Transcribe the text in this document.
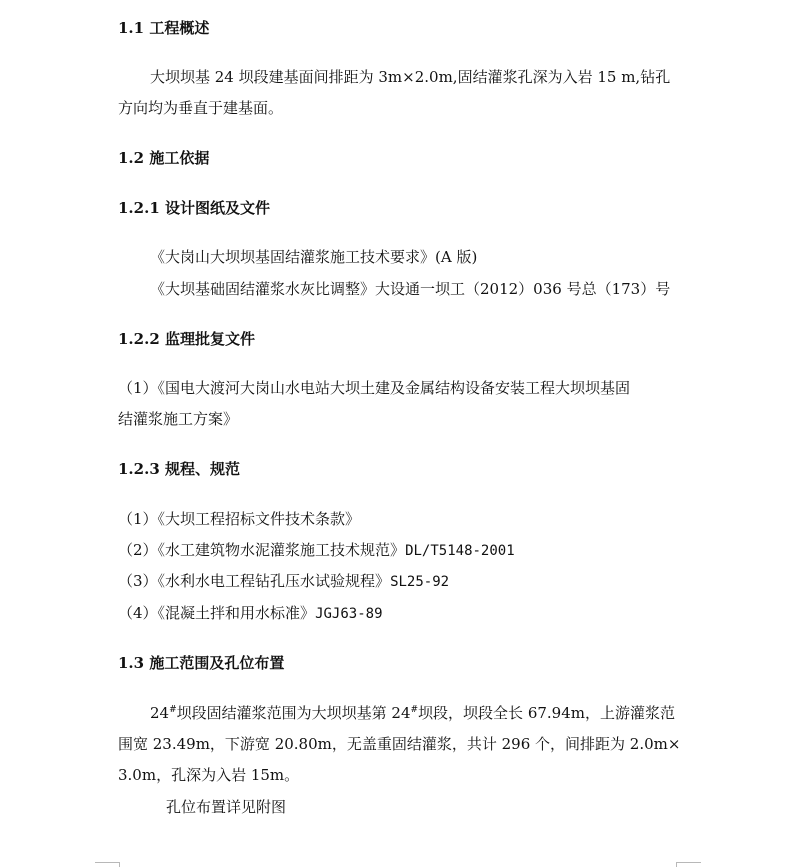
1.1 工程概述
大坝坝基 24 坝段建基面间排距为 3m×2.0m,固结灌浆孔深为入岩 15 m,钻孔
方向均为垂直于建基面。
1.2 施工依据
1.2.1 设计图纸及文件
《大岗山大坝坝基固结灌浆施工技术要求》(A 版)
《大坝基础固结灌浆水灰比调整》大设通一坝工（2012）036 号总（173）号
1.2.2 监理批复文件
（1）《国电大渡河大岗山水电站大坝土建及金属结构设备安装工程大坝坝基固
结灌浆施工方案》
1.2.3 规程、规范
（1）《大坝工程招标文件技术条款》
（2）《水工建筑物水泥灌浆施工技术规范》DL/T5148-2001
（3）《水利水电工程钻孔压水试验规程》SL25-92
（4）《混凝土拌和用水标准》JGJ63-89
1.3 施工范围及孔位布置
24#坝段固结灌浆范围为大坝坝基第 24#坝段，坝段全长 67.94m，上游灌浆范
围宽 23.49m，下游宽 20.80m，无盖重固结灌浆，共计 296 个，间排距为 2.0m×
3.0m，孔深为入岩 15m。
孔位布置详见附图
